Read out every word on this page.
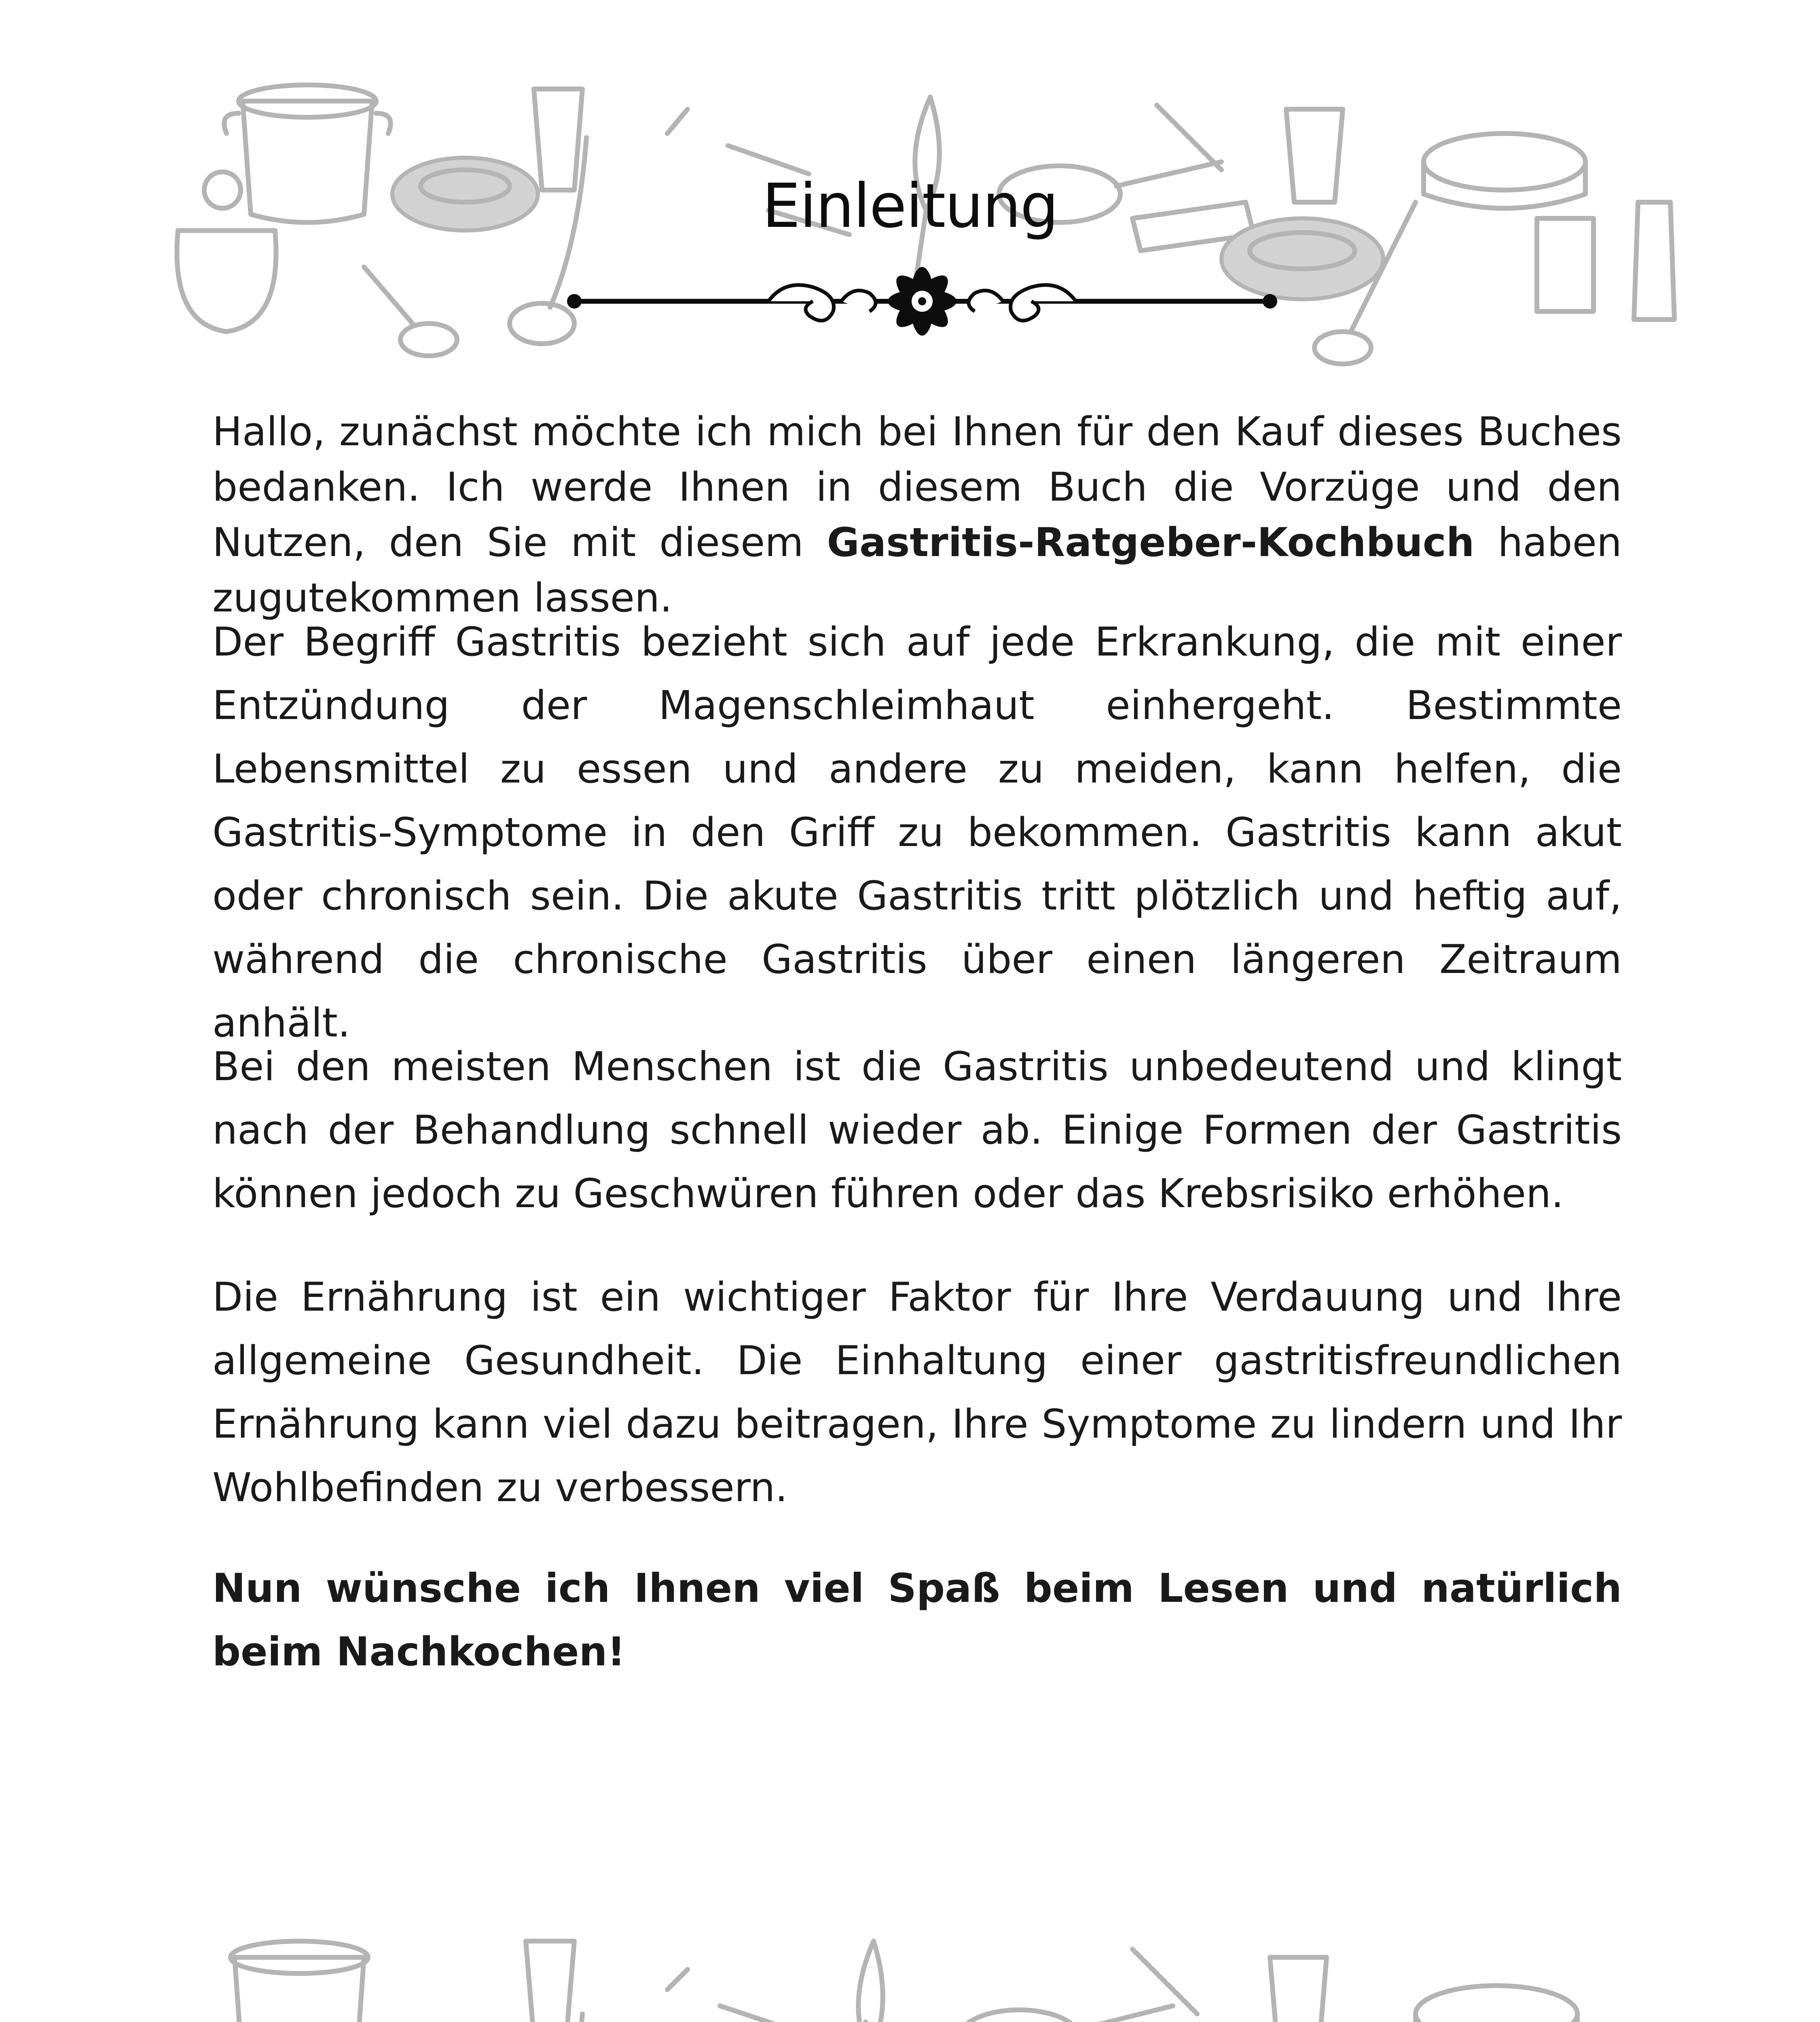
Einleitung

Hallo, zunächst möchte ich mich bei Ihnen für den Kauf dieses Buches bedanken. Ich werde Ihnen in diesem Buch die Vorzüge und den Nutzen, den Sie mit diesem Gastritis-Ratgeber-Kochbuch haben zugutekommen lassen.

Der Begriff Gastritis bezieht sich auf jede Erkrankung, die mit einer Entzündung der Magenschleimhaut einhergeht. Bestimmte Lebensmittel zu essen und andere zu meiden, kann helfen, die Gastritis-Symptome in den Griff zu bekommen. Gastritis kann akut oder chronisch sein. Die akute Gastritis tritt plötzlich und heftig auf, während die chronische Gastritis über einen längeren Zeitraum anhält.

Bei den meisten Menschen ist die Gastritis unbedeutend und klingt nach der Behandlung schnell wieder ab. Einige Formen der Gastritis können jedoch zu Geschwüren führen oder das Krebsrisiko erhöhen.

Die Ernährung ist ein wichtiger Faktor für Ihre Verdauung und Ihre allgemeine Gesundheit. Die Einhaltung einer gastritisfreundlichen Ernährung kann viel dazu beitragen, Ihre Symptome zu lindern und Ihr Wohlbefinden zu verbessern.

Nun wünsche ich Ihnen viel Spaß beim Lesen und natürlich beim Nachkochen!
